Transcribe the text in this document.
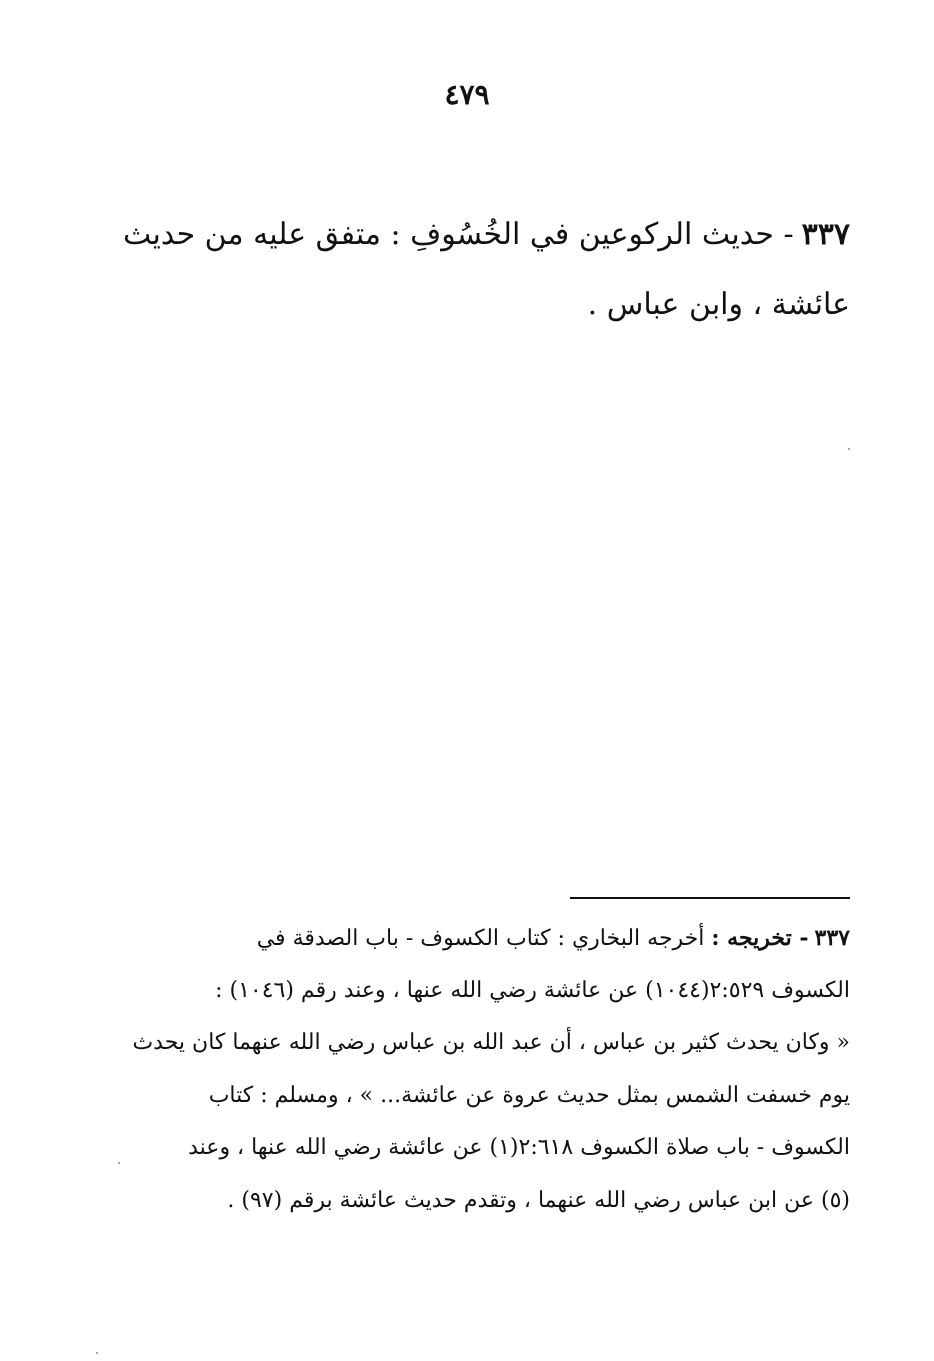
٤٧٩
٣٣٧- حديث الركوعين في الخُسُوفِ : متفق عليه من حديث
عائشة ، وابن عباس .
٣٣٧- تخريجه : أخرجه البخاري : كتاب الكسوف - باب الصدقة في
الكسوف ٢:٥٢٩(١٠٤٤) عن عائشة رضي الله عنها ، وعند رقم (١٠٤٦) :
« وكان يحدث كثير بن عباس ، أن عبد الله بن عباس رضي الله عنهما كان يحدث
يوم خسفت الشمس بمثل حديث عروة عن عائشة... » ، ومسلم : كتاب
الكسوف - باب صلاة الكسوف ٢:٦١٨(١) عن عائشة رضي الله عنها ، وعند
(٥) عن ابن عباس رضي الله عنهما ، وتقدم حديث عائشة برقم (٩٧) .
